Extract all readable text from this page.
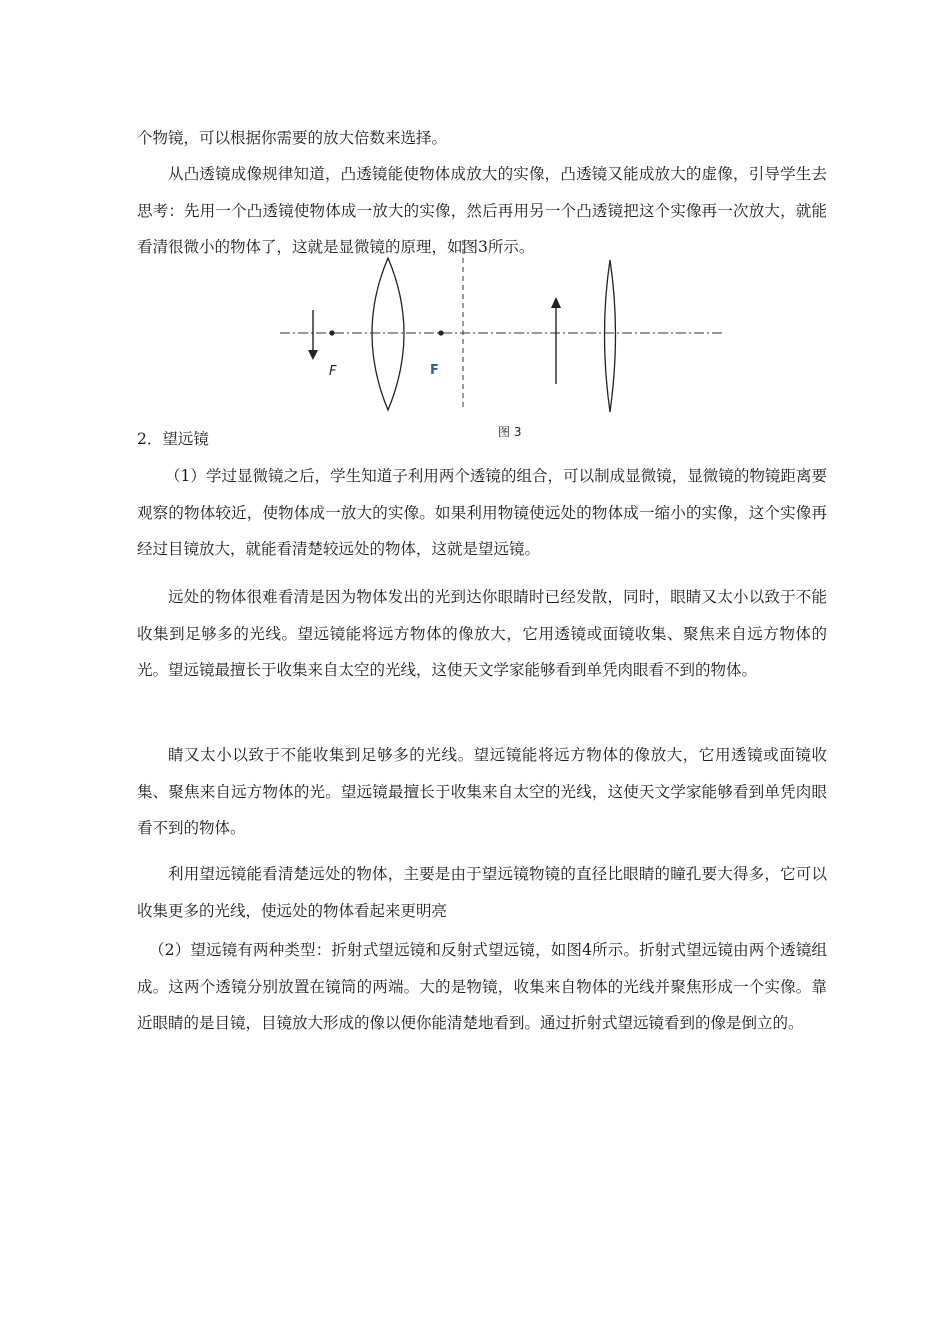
个物镜，可以根据你需要的放大倍数来选择。

从凸透镜成像规律知道，凸透镜能使物体成放大的实像，凸透镜又能成放大的虚像，引导学生去思考：先用一个凸透镜使物体成一放大的实像，然后再用另一个凸透镜把这个实像再一次放大，就能看清很微小的物体了，这就是显微镜的原理，如图3所示。

F	F
图 3

2．望远镜

（1）学过显微镜之后，学生知道子利用两个透镜的组合，可以制成显微镜，显微镜的物镜距离要观察的物体较近，使物体成一放大的实像。如果利用物镜使远处的物体成一缩小的实像，这个实像再经过目镜放大，就能看清楚较远处的物体，这就是望远镜。

远处的物体很难看清是因为物体发出的光到达你眼睛时已经发散，同时，眼睛又太小以致于不能收集到足够多的光线。望远镜能将远方物体的像放大，它用透镜或面镜收集、聚焦来自远方物体的光。望远镜最擅长于收集来自太空的光线，这使天文学家能够看到单凭肉眼看不到的物体。

睛又太小以致于不能收集到足够多的光线。望远镜能将远方物体的像放大，它用透镜或面镜收集、聚焦来自远方物体的光。望远镜最擅长于收集来自太空的光线，这使天文学家能够看到单凭肉眼看不到的物体。

利用望远镜能看清楚远处的物体，主要是由于望远镜物镜的直径比眼睛的瞳孔要大得多，它可以收集更多的光线，使远处的物体看起来更明亮

（2）望远镜有两种类型：折射式望远镜和反射式望远镜，如图4所示。折射式望远镜由两个透镜组成。这两个透镜分别放置在镜筒的两端。大的是物镜，收集来自物体的光线并聚焦形成一个实像。靠近眼睛的是目镜，目镜放大形成的像以便你能清楚地看到。通过折射式望远镜看到的像是倒立的。
